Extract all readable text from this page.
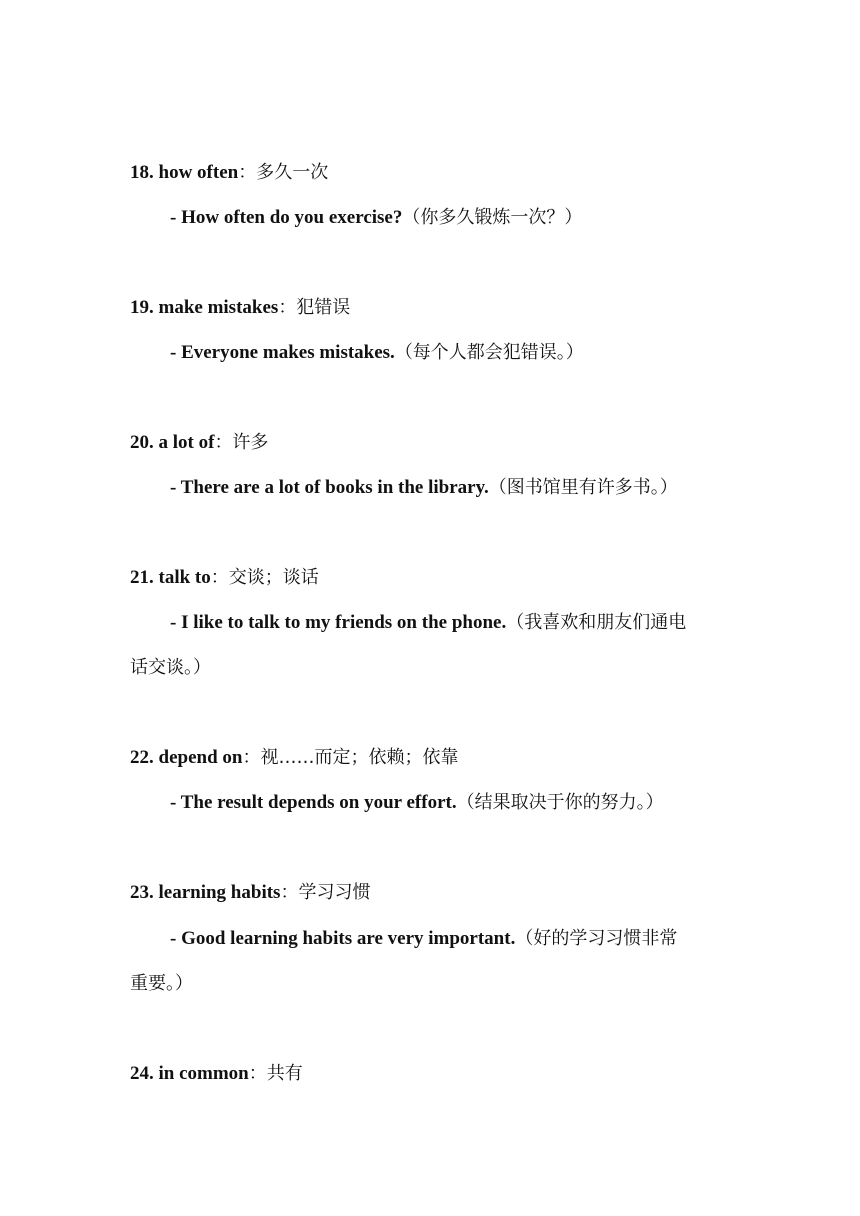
18. how often：多久一次
- How often do you exercise?（你多久锻炼一次？）
19. make mistakes：犯错误
- Everyone makes mistakes.（每个人都会犯错误。）
20. a lot of：许多
- There are a lot of books in the library.（图书馆里有许多书。）
21. talk to：交谈；谈话
- I like to talk to my friends on the phone.（我喜欢和朋友们通电
话交谈。）
22. depend on：视……而定；依赖；依靠
- The result depends on your effort.（结果取决于你的努力。）
23. learning habits：学习习惯
- Good learning habits are very important.（好的学习习惯非常
重要。）
24. in common：共有
